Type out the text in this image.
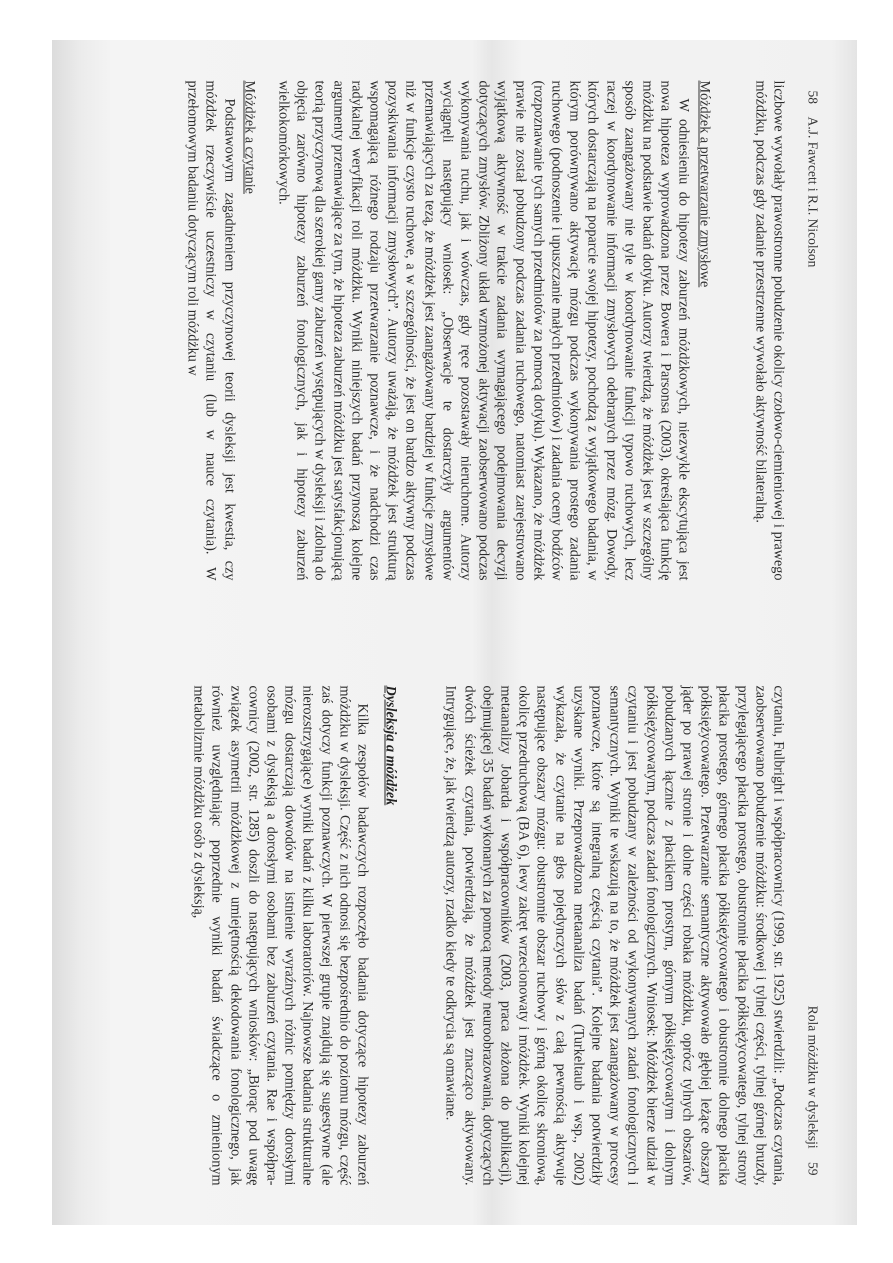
58 A.J. Fawcett i R.I. Nicolson

liczbowe wywołały prawostronne pobudzenie okolicy czołowo-ciemieniowej i prawego móżdżku, podczas gdy zadanie przestrzenne wywołało aktywność bilateralną.

Móżdżek a przetwarzanie zmysłowe

W odniesieniu do hipotezy zaburzeń móżdżkowych, niezwykle ekscytująca jest nowa hipoteza wyprowadzona przez Bowera i Parsonsa (2003), określająca funkcję móżdżku na podstawie badań dotyku. Autorzy twierdzą, że móżdżek jest w szczególny sposób zaangażowany nie tyle w koordynowanie funkcji typowo ruchowych, lecz raczej w koordynowanie informacji zmysłowych odebranych przez mózg. Dowody, których dostarczają na poparcie swojej hipotezy, pochodzą z wyjątkowego badania, w którym porównywano aktywację mózgu podczas wykonywania prostego zadania ruchowego (podnoszenie i upuszczanie małych przedmiotów) i zadania oceny bodźców (rozpoznawanie tych samych przedmiotów za pomocą dotyku). Wykazano, że móżdżek prawie nie został pobudzony podczas zadania ruchowego, natomiast zarejestrowano wyjątkową aktywność w trakcie zadania wymagającego podejmowania decyzji dotyczących zmysłów. Zbliżony układ wzmożonej aktywacji zaobserwowano podczas wykonywania ruchu, jak i wówczas, gdy ręce pozostawały nieruchome. Autorzy wyciągnęli następujący wniosek: „Obserwacje te dostarczyły argumentów przemawiających za tezą, że móżdżek jest zaangażowany bardziej w funkcje zmysłowe niż w funkcje czysto ruchowe, a w szczególności, że jest on bardzo aktywny podczas pozyskiwania informacji zmysłowych”. Autorzy uważają, że móżdżek jest strukturą wspomagającą różnego rodzaju przetwarzanie poznawcze, i że nadchodzi czas radykalnej weryfikacji roli móżdżku. Wyniki niniejszych badań przynoszą kolejne argumenty przemawiające za tym, że hipoteza zaburzeń móżdżku jest satysfakcjonującą teorią przyczynową dla szerokiej gamy zaburzeń występujących w dysleksji i zdolną do objęcia zarówno hipotezy zaburzeń fonologicznych, jak i hipotezy zaburzeń wielkokomórkowych.

Móżdżek a czytanie

Podstawowym zagadnieniem przyczynowej teorii dysleksji jest kwestia, czy móżdżek rzeczywiście uczestniczy w czytaniu (lub w nauce czytania). W przełomowym badaniu dotyczącym roli móżdżku w

Rola móżdżku w dysleksji 59

czytaniu, Fulbright i współpracownicy (1999, str. 1925) stwierdzili: „Podczas czytania, zaobserwowano pobudzenie móżdżku: środkowej i tylnej części, tylnej górnej bruzdy, przylegającego płacika prostego, obustronnie płacika półksiężycowatego, tylnej strony płacika prostego, górnego płacika półksiężycowatego i obustronnie dolnego płacika półksiężycowatego. Przetwarzanie semantyczne aktywowało głębiej leżące obszary jąder po prawej stronie i dolne części robaka móżdżku, oprócz tylnych obszarów, pobudzanych łącznie z płacikiem prostym, górnym półksiężycowatym i dolnym półksiężycowatym, podczas zadań fonologicznych. Wniosek: Móżdżek bierze udział w czytaniu i jest pobudzany w zależności od wykonywanych zadań fonologicznych i semantycznych. Wyniki te wskazują na to, że móżdżek jest zaangażowany w procesy poznawcze, które są integralną częścią czytania”. Kolejne badania potwierdziły uzyskane wyniki. Przeprowadzona metaanaliza badań (Turkeltaub i wsp., 2002) wykazała, że czytanie na głos pojedynczych słów z całą pewnością aktywuje następujące obszary mózgu: obustronnie obszar ruchowy i górną okolicę skroniową, okolicę przedruchową (BA 6), lewy zakręt wrzecionowaty i móżdżek. Wyniki kolejnej metaanalizy Jobarda i współpracowników (2003, praca złożona do publikacji), obejmującej 35 badań wykonanych za pomocą metody neuroobrazowania, dotyczących dwóch ścieżek czytania, potwierdzają, że móżdżek jest znacząco aktywowany. Intrygujące, że, jak twierdzą autorzy, rzadko kiedy te odkrycia są omawiane.

Dysleksja a móżdżek

Kilka zespołów badawczych rozpoczęło badania dotyczące hipotezy zaburzeń móżdżku w dysleksji. Część z nich odnosi się bezpośrednio do poziomu mózgu, część zaś dotyczy funkcji poznawczych. W pierwszej grupie znajdują się sugestywne (ale nierozstrzygające) wyniki badań z kilku laboratoriów. Najnowsze badania strukturalne mózgu dostarczają dowodów na istnienie wyraźnych różnic pomiędzy dorosłymi osobami z dysleksją a dorosłymi osobami bez zaburzeń czytania. Rae i współpracownicy (2002, str. 1285) doszli do następujących wniosków: „Biorąc pod uwagę związek asymetrii móżdżkowej z umiejętnością dekodowania fonologicznego, jak również uwzględniając poprzednie wyniki badań świadczące o zmienionym metabolizmie móżdżku osób z dysleksją,
